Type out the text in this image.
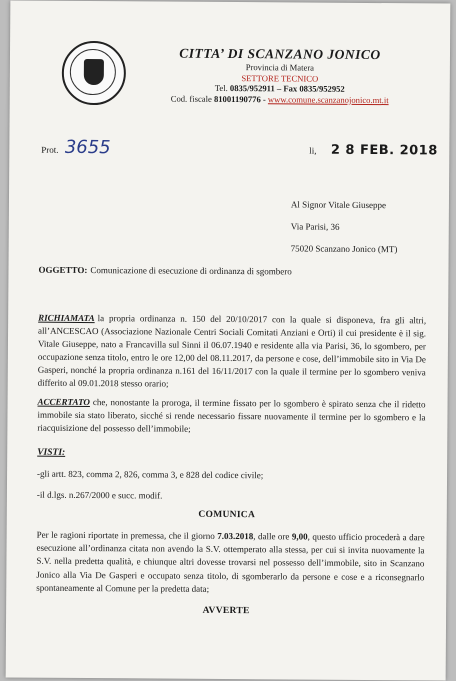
CITTA’ DI SCANZANO JONICO
Provincia di Matera
SETTORE TECNICO
Tel. 0835/952911 – Fax 0835/952952
Cod. fiscale 81001190776 - www.comune.scanzanojonico.mt.it
Prot. 3655	li, 2 8 FEB. 2018
Al Signor Vitale Giuseppe
Via Parisi, 36
75020 Scanzano Jonico (MT)
OGGETTO: Comunicazione di esecuzione di ordinanza di sgombero
RICHIAMATA la propria ordinanza n. 150 del 20/10/2017 con la quale si disponeva, fra gli altri, all’ANCESCAO (Associazione Nazionale Centri Sociali Comitati Anziani e Orti) il cui presidente è il sig. Vitale Giuseppe, nato a Francavilla sul Sinni il 06.07.1940 e residente alla via Parisi, 36, lo sgombero, per occupazione senza titolo, entro le ore 12,00 del 08.11.2017, da persone e cose, dell’immobile sito in Via De Gasperi, nonché la propria ordinanza n.161 del 16/11/2017 con la quale il termine per lo sgombero veniva differito al 09.01.2018 stesso orario;
ACCERTATO che, nonostante la proroga, il termine fissato per lo sgombero è spirato senza che il ridetto immobile sia stato liberato, sicché si rende necessario fissare nuovamente il termine per lo sgombero e la riacquisizione del possesso dell’immobile;
VISTI:
-gli artt. 823, comma 2, 826, comma 3, e 828 del codice civile;
-il d.lgs. n.267/2000 e succ. modif.
COMUNICA
Per le ragioni riportate in premessa, che il giorno 7.03.2018, dalle ore 9,00, questo ufficio procederà a dare esecuzione all’ordinanza citata non avendo la S.V. ottemperato alla stessa, per cui si invita nuovamente la S.V. nella predetta qualità, e chiunque altri dovesse trovarsi nel possesso dell’immobile, sito in Scanzano Jonico alla Via De Gasperi e occupato senza titolo, di sgomberarlo da persone e cose e a riconsegnarlo spontaneamente al Comune per la predetta data;
AVVERTE
